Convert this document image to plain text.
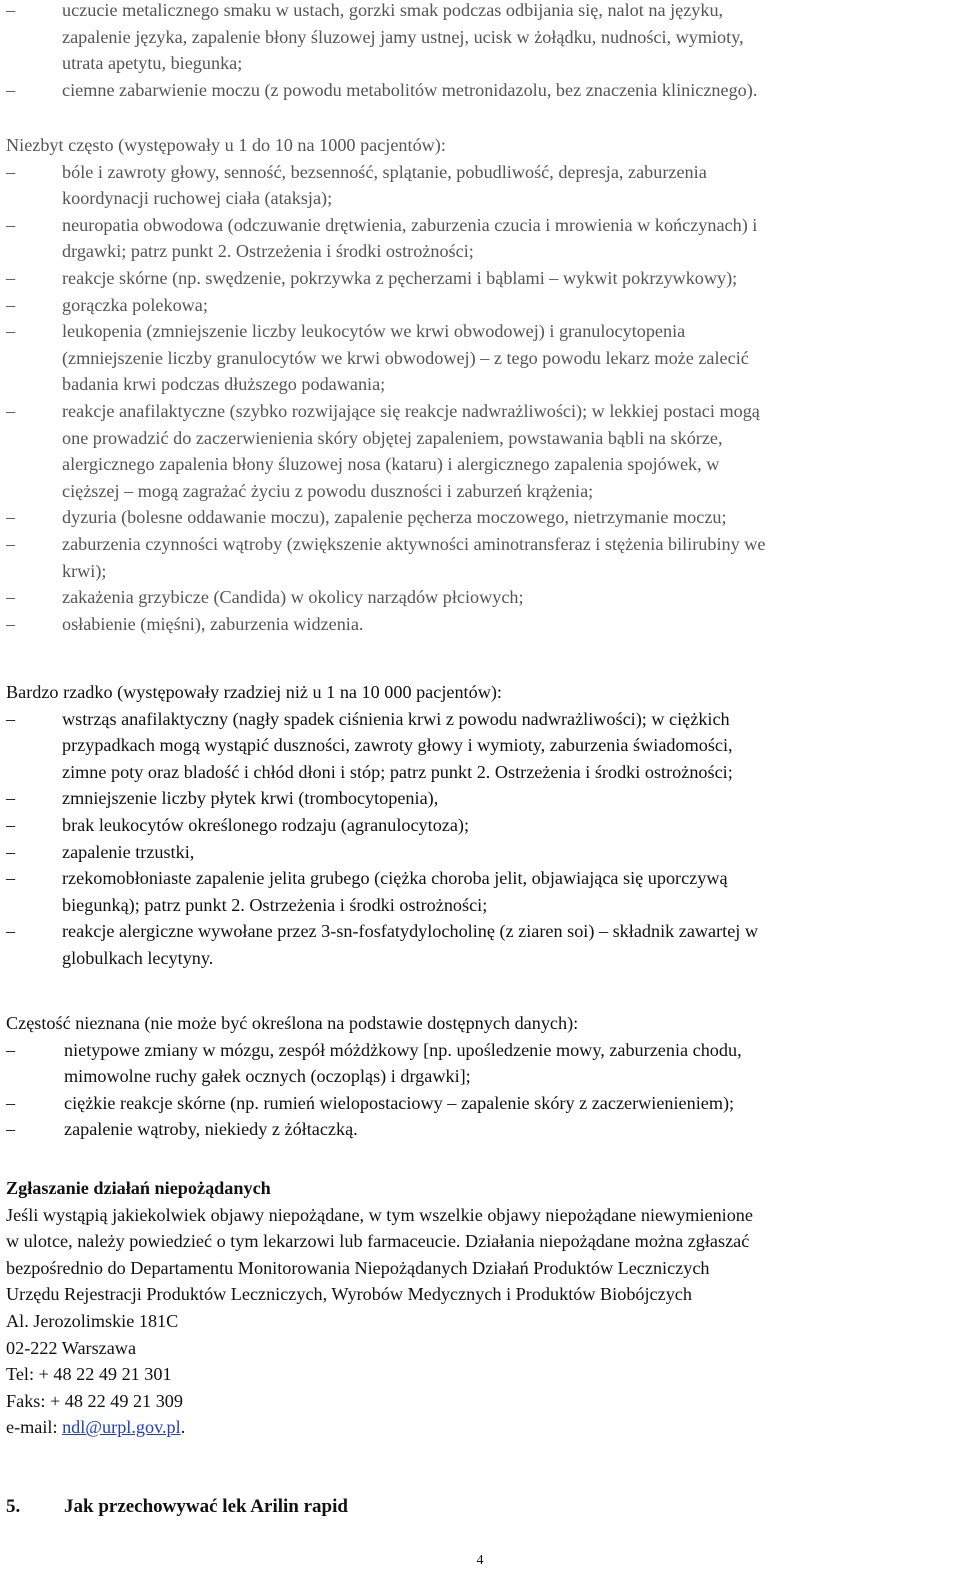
–	uczucie metalicznego smaku w ustach, gorzki smak podczas odbijania się, nalot na języku,
zapalenie języka, zapalenie błony śluzowej jamy ustnej, ucisk w żołądku, nudności, wymioty,
utrata apetytu, biegunka;
–	ciemne zabarwienie moczu (z powodu metabolitów metronidazolu, bez znaczenia klinicznego).
Niezbyt często (występowały u 1 do 10 na 1000 pacjentów):
–	bóle i zawroty głowy, senność, bezsenność, splątanie, pobudliwość, depresja, zaburzenia
koordynacji ruchowej ciała (ataksja);
–	neuropatia obwodowa (odczuwanie drętwienia, zaburzenia czucia i mrowienia w kończynach) i
drgawki; patrz punkt 2. Ostrzeżenia i środki ostrożności;
–	reakcje skórne (np. swędzenie, pokrzywka z pęcherzami i bąblami – wykwit pokrzywkowy);
–	gorączka polekowa;
–	leukopenia (zmniejszenie liczby leukocytów we krwi obwodowej) i granulocytopenia
(zmniejszenie liczby granulocytów we krwi obwodowej) – z tego powodu lekarz może zalecić
badania krwi podczas dłuższego podawania;
–	reakcje anafilaktyczne (szybko rozwijające się reakcje nadwrażliwości); w lekkiej postaci mogą
one prowadzić do zaczerwienienia skóry objętej zapaleniem, powstawania bąbli na skórze,
alergicznego zapalenia błony śluzowej nosa (kataru) i alergicznego zapalenia spojówek, w
cięższej – mogą zagrażać życiu z powodu duszności i zaburzeń krążenia;
–	dyzuria (bolesne oddawanie moczu), zapalenie pęcherza moczowego, nietrzymanie moczu;
–	zaburzenia czynności wątroby (zwiększenie aktywności aminotransferaz i stężenia bilirubiny we
krwi);
–	zakażenia grzybicze (Candida) w okolicy narządów płciowych;
–	osłabienie (mięśni), zaburzenia widzenia.
Bardzo rzadko (występowały rzadziej niż u 1 na 10 000 pacjentów):
–	wstrząs anafilaktyczny (nagły spadek ciśnienia krwi z powodu nadwrażliwości); w ciężkich
przypadkach mogą wystąpić duszności, zawroty głowy i wymioty, zaburzenia świadomości,
zimne poty oraz bladość i chłód dłoni i stóp; patrz punkt 2. Ostrzeżenia i środki ostrożności;
–	zmniejszenie liczby płytek krwi (trombocytopenia),
–	brak leukocytów określonego rodzaju (agranulocytoza);
–	zapalenie trzustki,
–	rzekomobłoniaste zapalenie jelita grubego (ciężka choroba jelit, objawiająca się uporczywą
biegunką); patrz punkt 2. Ostrzeżenia i środki ostrożności;
–	reakcje alergiczne wywołane przez 3-sn-fosfatydylocholinę (z ziaren soi) – składnik zawartej w
globulkach lecytyny.
Częstość nieznana (nie może być określona na podstawie dostępnych danych):
–	nietypowe zmiany w mózgu, zespół móżdżkowy [np. upośledzenie mowy, zaburzenia chodu,
mimowolne ruchy gałek ocznych (oczopląs) i drgawki];
–	ciężkie reakcje skórne (np. rumień wielopostaciowy – zapalenie skóry z zaczerwienieniem);
–	zapalenie wątroby, niekiedy z żółtaczką.
Zgłaszanie działań niepożądanych
Jeśli wystąpią jakiekolwiek objawy niepożądane, w tym wszelkie objawy niepożądane niewymienione
w ulotce, należy powiedzieć o tym lekarzowi lub farmaceucie. Działania niepożądane można zgłaszać
bezpośrednio do Departamentu Monitorowania Niepożądanych Działań Produktów Leczniczych
Urzędu Rejestracji Produktów Leczniczych, Wyrobów Medycznych i Produktów Biobójczych
Al. Jerozolimskie 181C
02-222 Warszawa
Tel: + 48 22 49 21 301
Faks: + 48 22 49 21 309
e-mail: ndl@urpl.gov.pl.
5. Jak przechowywać lek Arilin rapid
4
